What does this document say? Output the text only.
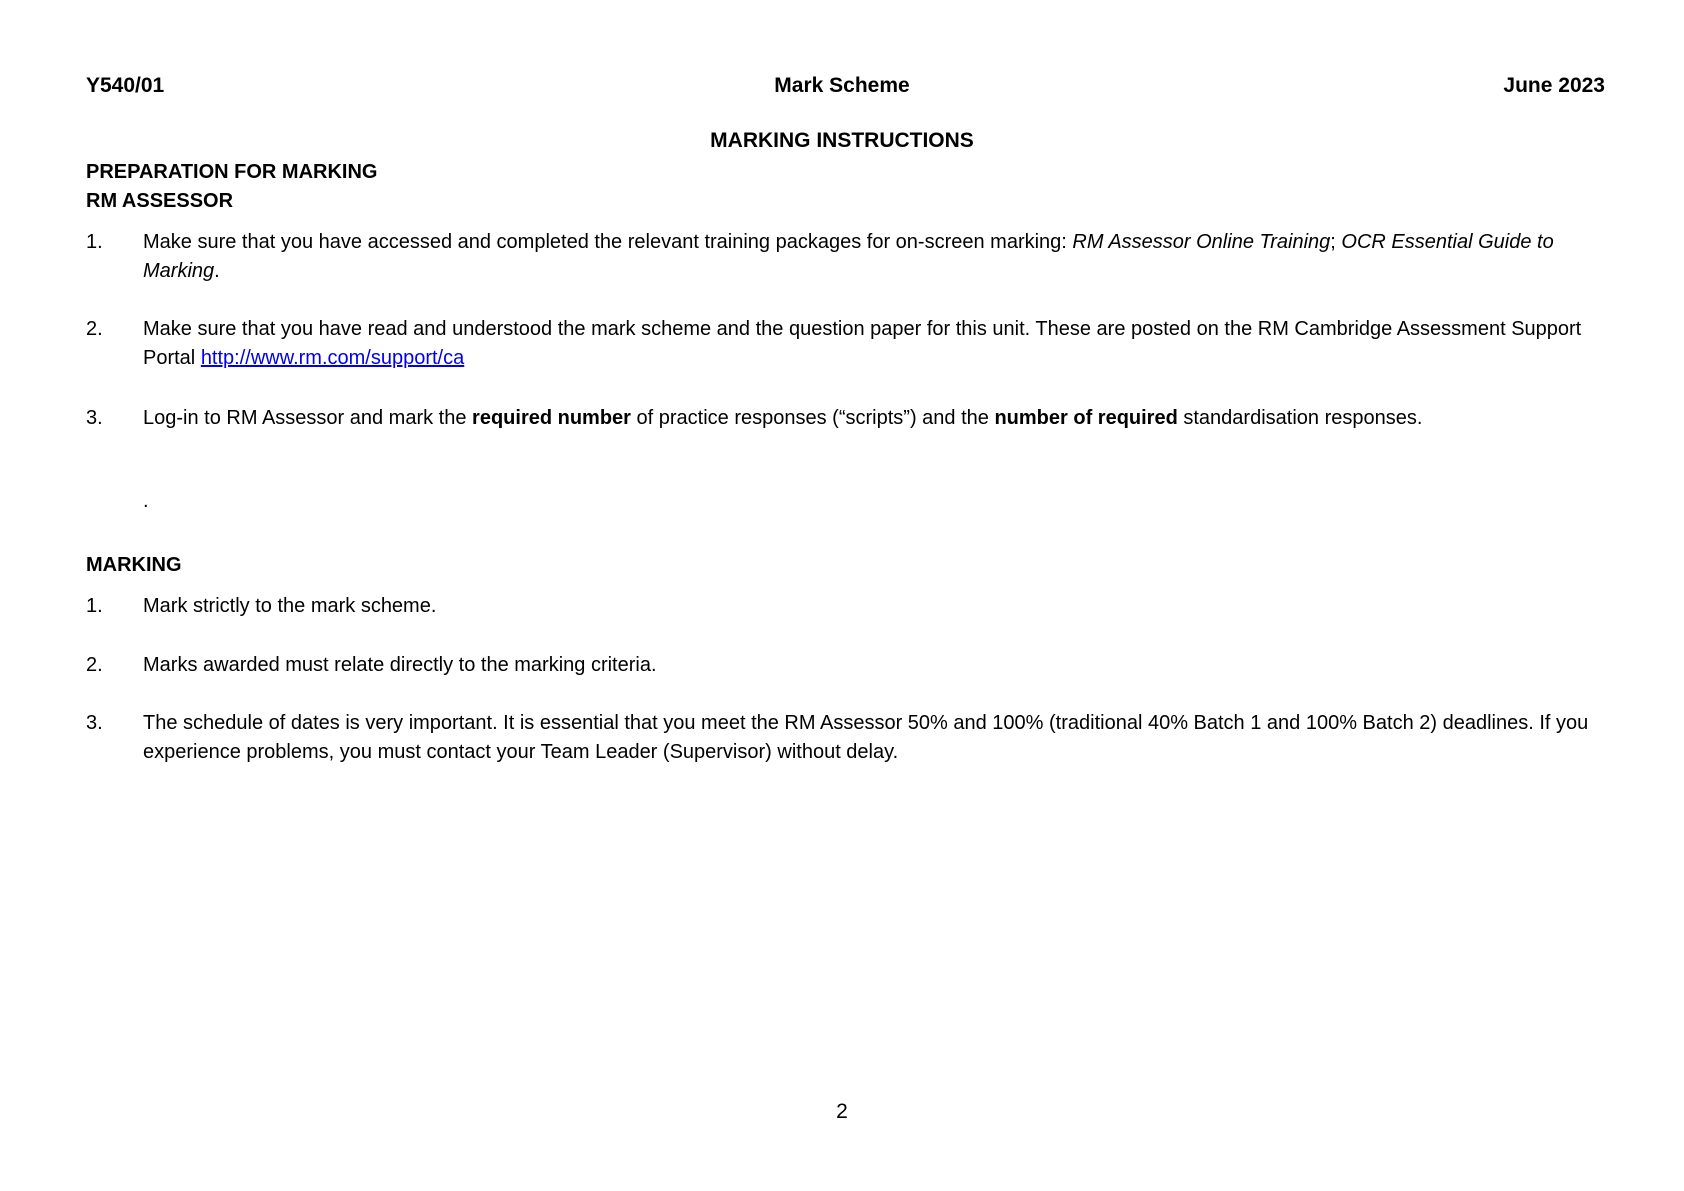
Y540/01	Mark Scheme	June 2023
MARKING INSTRUCTIONS
PREPARATION FOR MARKING
RM ASSESSOR
1.	Make sure that you have accessed and completed the relevant training packages for on-screen marking: RM Assessor Online Training; OCR Essential Guide to Marking.
2.	Make sure that you have read and understood the mark scheme and the question paper for this unit. These are posted on the RM Cambridge Assessment Support Portal http://www.rm.com/support/ca
3.	Log-in to RM Assessor and mark the required number of practice responses (“scripts”) and the number of required standardisation responses.
.
MARKING
1.	Mark strictly to the mark scheme.
2.	Marks awarded must relate directly to the marking criteria.
3.	The schedule of dates is very important. It is essential that you meet the RM Assessor 50% and 100% (traditional 40% Batch 1 and 100% Batch 2) deadlines. If you experience problems, you must contact your Team Leader (Supervisor) without delay.
2
